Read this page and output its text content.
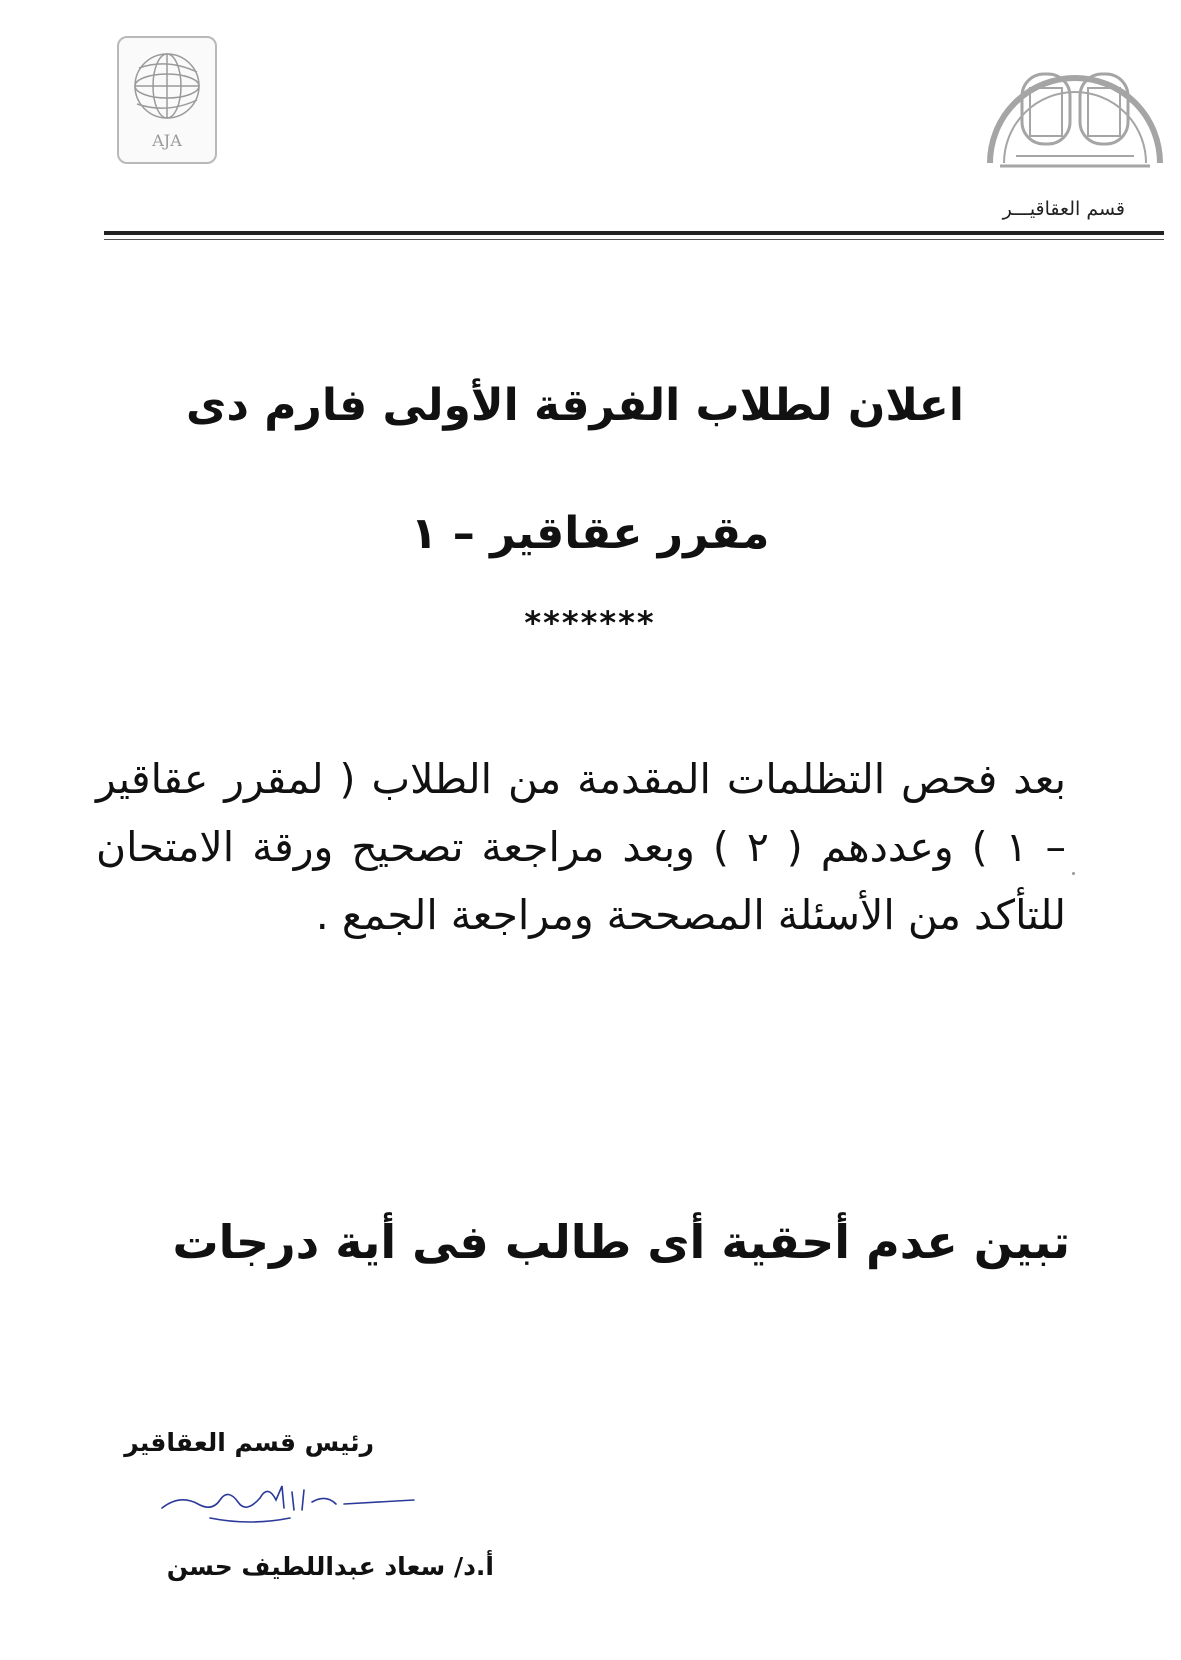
AJA
قسم العقاقيـــر
اعلان لطلاب الفرقة الأولى فارم دى
مقرر عقاقير – ١
*******
بعد فحص التظلمات المقدمة من الطلاب ( لمقرر عقاقير – ١ ) وعددهم ( ٢ ) وبعد مراجعة تصحيح ورقة الامتحان للتأكد من الأسئلة المصححة ومراجعة الجمع .
تبين عدم أحقية أى طالب فى أية درجات
رئيس قسم العقاقير
أ.د/ سعاد عبداللطيف حسن
